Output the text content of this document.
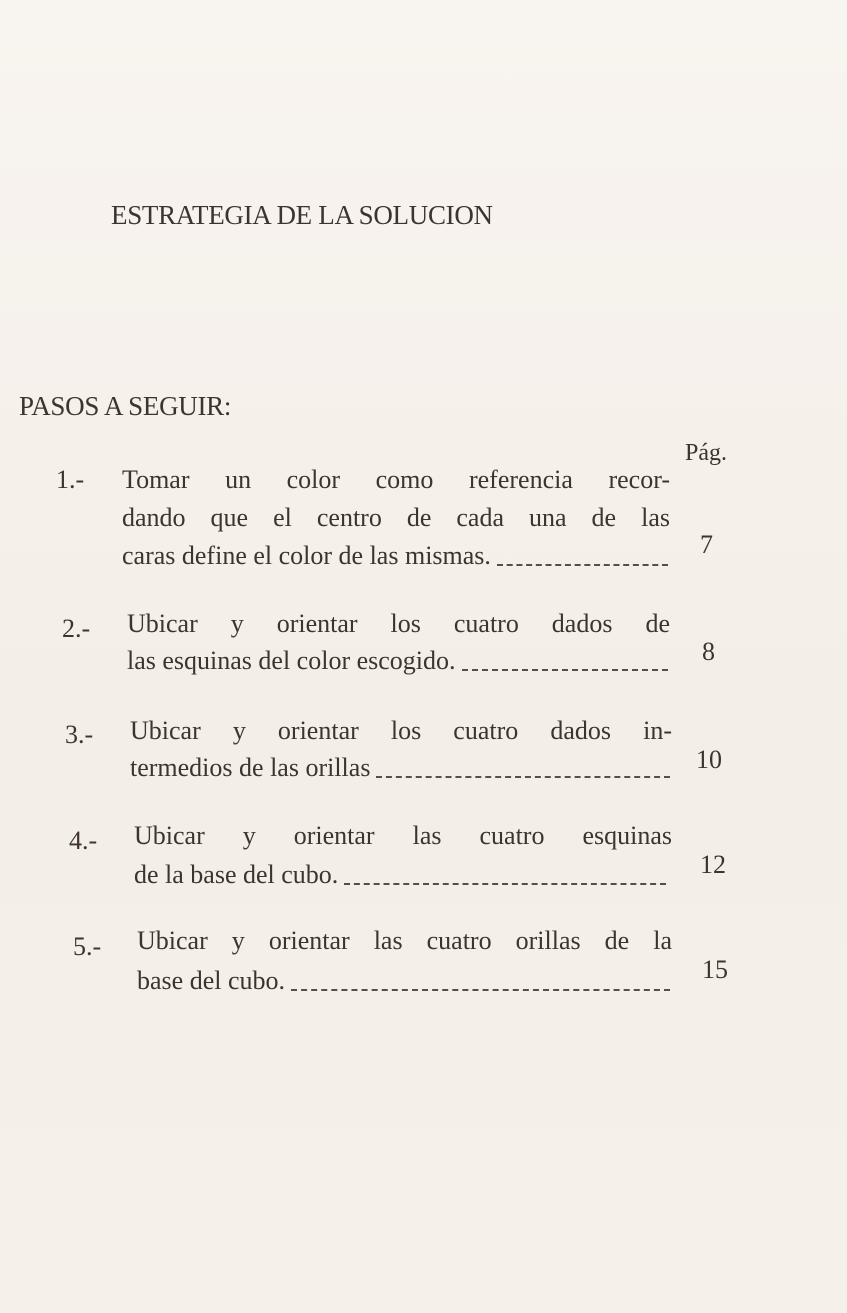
ESTRATEGIA DE LA SOLUCION
PASOS A SEGUIR:
Pág.
1.- Tomar un color como referencia recor-
dando que el centro de cada una de las
caras define el color de las mismas.	7
2.- Ubicar y orientar los cuatro dados de
las esquinas del color escogido.	8
3.- Ubicar y orientar los cuatro dados in-
termedios de las orillas	10
4.- Ubicar y orientar las cuatro esquinas
de la base del cubo.	12
5.- Ubicar y orientar las cuatro orillas de la
base del cubo.	15
